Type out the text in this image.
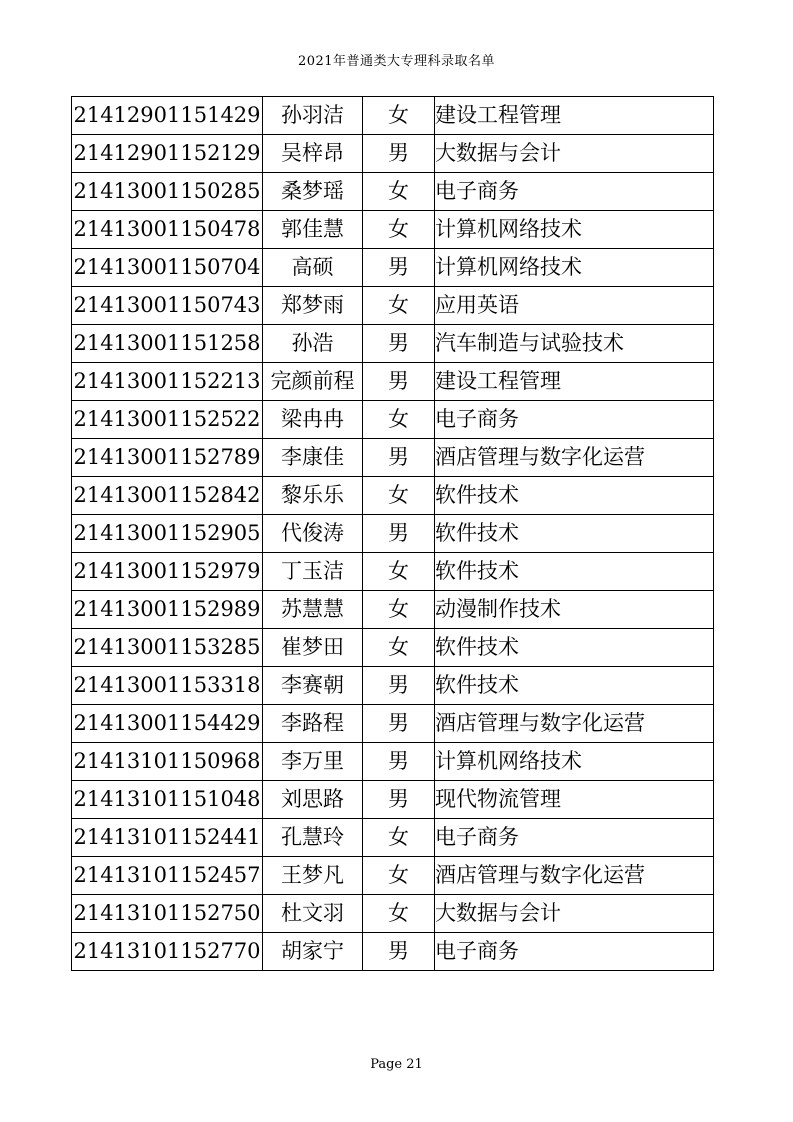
2021年普通类大专理科录取名单
21412901151429	孙羽洁	女	建设工程管理
21412901152129	吴梓昂	男	大数据与会计
21413001150285	桑梦瑶	女	电子商务
21413001150478	郭佳慧	女	计算机网络技术
21413001150704	高硕	男	计算机网络技术
21413001150743	郑梦雨	女	应用英语
21413001151258	孙浩	男	汽车制造与试验技术
21413001152213	完颜前程	男	建设工程管理
21413001152522	梁冉冉	女	电子商务
21413001152789	李康佳	男	酒店管理与数字化运营
21413001152842	黎乐乐	女	软件技术
21413001152905	代俊涛	男	软件技术
21413001152979	丁玉洁	女	软件技术
21413001152989	苏慧慧	女	动漫制作技术
21413001153285	崔梦田	女	软件技术
21413001153318	李赛朝	男	软件技术
21413001154429	李路程	男	酒店管理与数字化运营
21413101150968	李万里	男	计算机网络技术
21413101151048	刘思路	男	现代物流管理
21413101152441	孔慧玲	女	电子商务
21413101152457	王梦凡	女	酒店管理与数字化运营
21413101152750	杜文羽	女	大数据与会计
21413101152770	胡家宁	男	电子商务
Page 21
